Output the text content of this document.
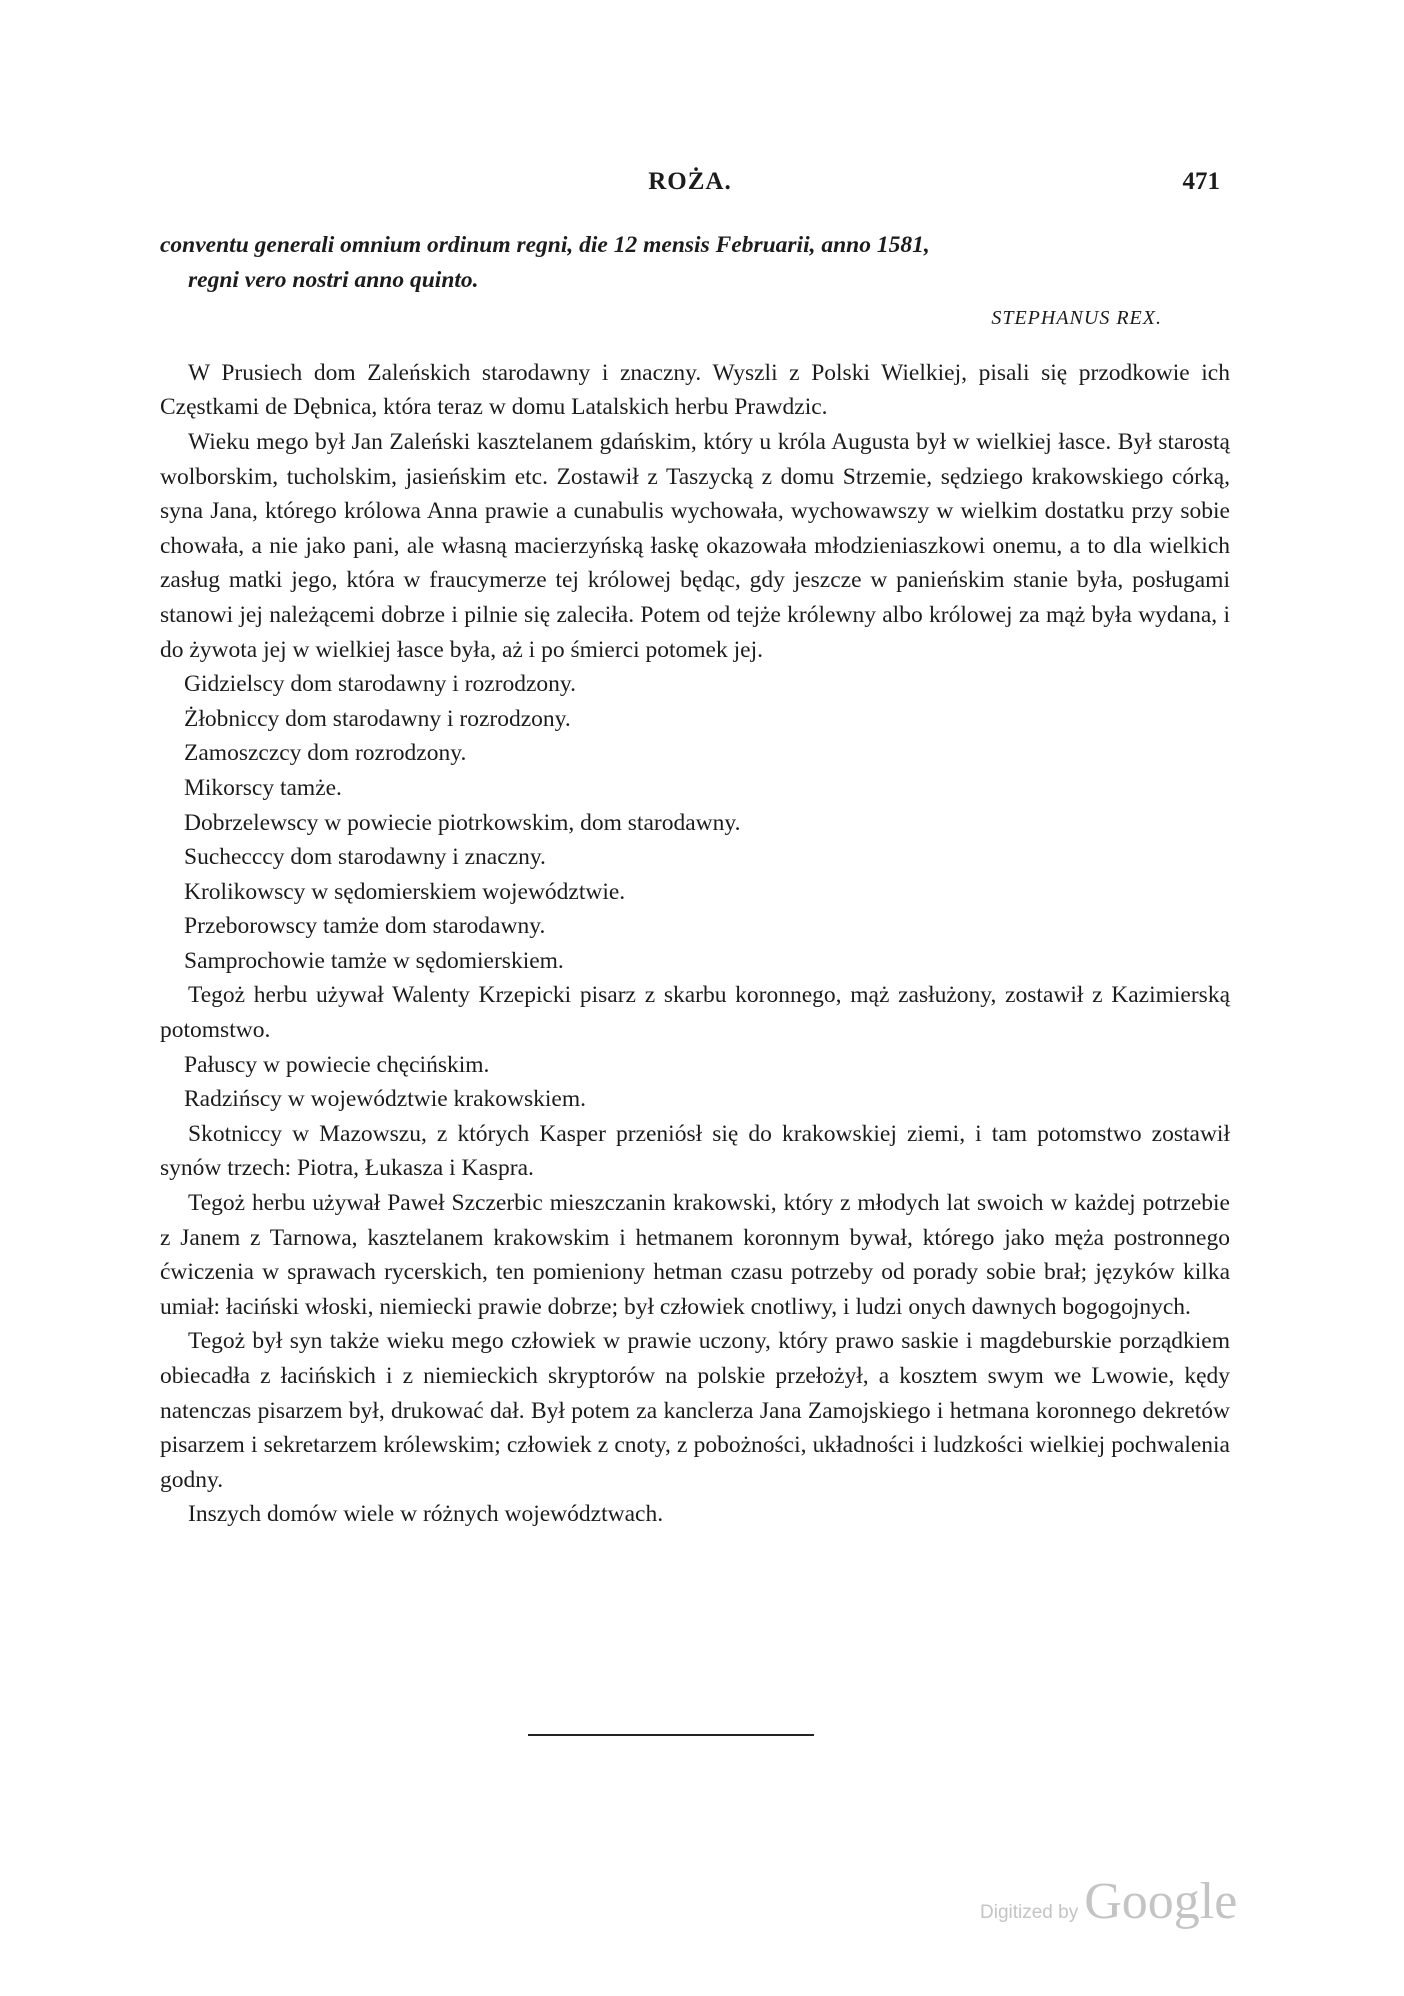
ROŻA.	471

conventu generali omnium ordinum regni, die 12 mensis Februarii, anno 1581,

regni vero nostri anno quinto.

STEPHANUS REX.

W Prusiech dom Zaleńskich starodawny i znaczny. Wyszli z Polski Wielkiej, pisali się przodkowie ich Częstkami de Dębnica, która teraz w domu Latalskich herbu Prawdzic.

Wieku mego był Jan Zaleński kasztelanem gdańskim, który u króla Augusta był w wielkiej łasce. Był starostą wolborskim, tucholskim, jasieńskim etc. Zostawił z Taszycką z domu Strzemie, sędziego krakowskiego córką, syna Jana, którego królowa Anna prawie a cunabulis wychowała, wychowawszy w wielkim dostatku przy sobie chowała, a nie jako pani, ale własną macierzyńską łaskę okazowała młodzieniaszkowi onemu, a to dla wielkich zasług matki jego, która w fraucymerze tej królowej będąc, gdy jeszcze w panieńskim stanie była, posługami stanowi jej należącemi dobrze i pilnie się zaleciła. Potem od tejże królewny albo królowej za mąż była wydana, i do żywota jej w wielkiej łasce była, aż i po śmierci potomek jej.

Gidzielscy dom starodawny i rozrodzony.

Żłobniccy dom starodawny i rozrodzony.

Zamoszczcy dom rozrodzony.

Mikorscy tamże.

Dobrzelewscy w powiecie piotrkowskim, dom starodawny.

Suchecccy dom starodawny i znaczny.

Krolikowscy w sędomierskiem województwie.

Przeborowscy tamże dom starodawny.

Samprochowie tamże w sędomierskiem.

Tegoż herbu używał Walenty Krzepicki pisarz z skarbu koronnego, mąż zasłużony, zostawił z Kazimierską potomstwo.

Pałuscy w powiecie chęcińskim.

Radzińscy w województwie krakowskiem.

Skotniccy w Mazowszu, z których Kasper przeniósł się do krakowskiej ziemi, i tam potomstwo zostawił synów trzech: Piotra, Łukasza i Kaspra.

Tegoż herbu używał Paweł Szczerbic mieszczanin krakowski, który z młodych lat swoich w każdej potrzebie z Janem z Tarnowa, kasztelanem krakowskim i hetmanem koronnym bywał, którego jako męża postronnego ćwiczenia w sprawach rycerskich, ten pomieniony hetman czasu potrzeby od porady sobie brał; języków kilka umiał: łaciński włoski, niemiecki prawie dobrze; był człowiek cnotliwy, i ludzi onych dawnych bogogojnych.

Tegoż był syn także wieku mego człowiek w prawie uczony, który prawo saskie i magdeburskie porządkiem obiecadła z łacińskich i z niemieckich skryptorów na polskie przełożył, a kosztem swym we Lwowie, kędy natenczas pisarzem był, drukować dał. Był potem za kanclerza Jana Zamojskiego i hetmana koronnego dekretów pisarzem i sekretarzem królewskim; człowiek z cnoty, z pobożności, układności i ludzkości wielkiej pochwalenia godny.

Inszych domów wiele w różnych województwach.

Digitized by Google
